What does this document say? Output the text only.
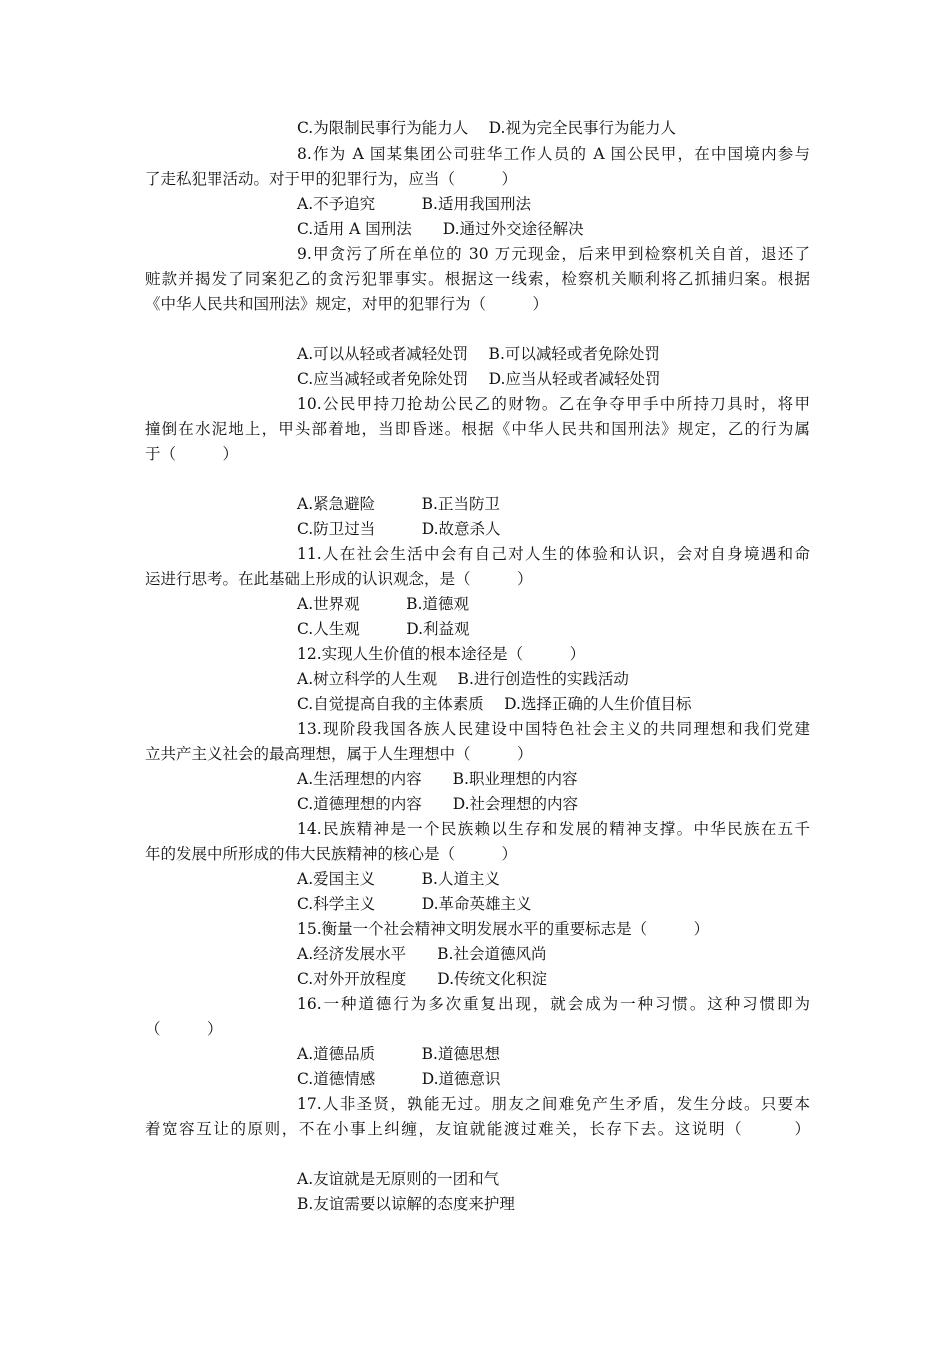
C.为限制民事行为能力人　 D.视为完全民事行为能力人
8.作为 A 国某集团公司驻华工作人员的 A 国公民甲，在中国境内参与
了走私犯罪活动。对于甲的犯罪行为，应当（　　　）
A.不予追究　　　B.适用我国刑法
C.适用 A 国刑法　　D.通过外交途径解决
9.甲贪污了所在单位的 30 万元现金，后来甲到检察机关自首，退还了
赃款并揭发了同案犯乙的贪污犯罪事实。根据这一线索，检察机关顺利将乙抓捕归案。根据
《中华人民共和国刑法》规定，对甲的犯罪行为（　　　）
A.可以从轻或者减轻处罚　 B.可以减轻或者免除处罚
C.应当减轻或者免除处罚　 D.应当从轻或者减轻处罚
10.公民甲持刀抢劫公民乙的财物。乙在争夺甲手中所持刀具时，将甲
撞倒在水泥地上，甲头部着地，当即昏迷。根据《中华人民共和国刑法》规定，乙的行为属
于（　　　）
A.紧急避险　　　B.正当防卫
C.防卫过当　　　D.故意杀人
11.人在社会生活中会有自己对人生的体验和认识，会对自身境遇和命
运进行思考。在此基础上形成的认识观念，是（　　　）
A.世界观　　　B.道德观
C.人生观　　　D.利益观
12.实现人生价值的根本途径是（　　　）
A.树立科学的人生观　 B.进行创造性的实践活动
C.自觉提高自我的主体素质　 D.选择正确的人生价值目标
13.现阶段我国各族人民建设中国特色社会主义的共同理想和我们党建
立共产主义社会的最高理想，属于人生理想中（　　　）
A.生活理想的内容　　B.职业理想的内容
C.道德理想的内容　　D.社会理想的内容
14.民族精神是一个民族赖以生存和发展的精神支撑。中华民族在五千
年的发展中所形成的伟大民族精神的核心是（　　　）
A.爱国主义　　　B.人道主义
C.科学主义　　　D.革命英雄主义
15.衡量一个社会精神文明发展水平的重要标志是（　　　）
A.经济发展水平　　B.社会道德风尚
C.对外开放程度　　D.传统文化积淀
16.一种道德行为多次重复出现，就会成为一种习惯。这种习惯即为
（　　　）
A.道德品质　　　B.道德思想
C.道德情感　　　D.道德意识
17.人非圣贤，孰能无过。朋友之间难免产生矛盾，发生分歧。只要本
着宽容互让的原则，不在小事上纠缠，友谊就能渡过难关，长存下去。这说明（　　　）
A.友谊就是无原则的一团和气
B.友谊需要以谅解的态度来护理
